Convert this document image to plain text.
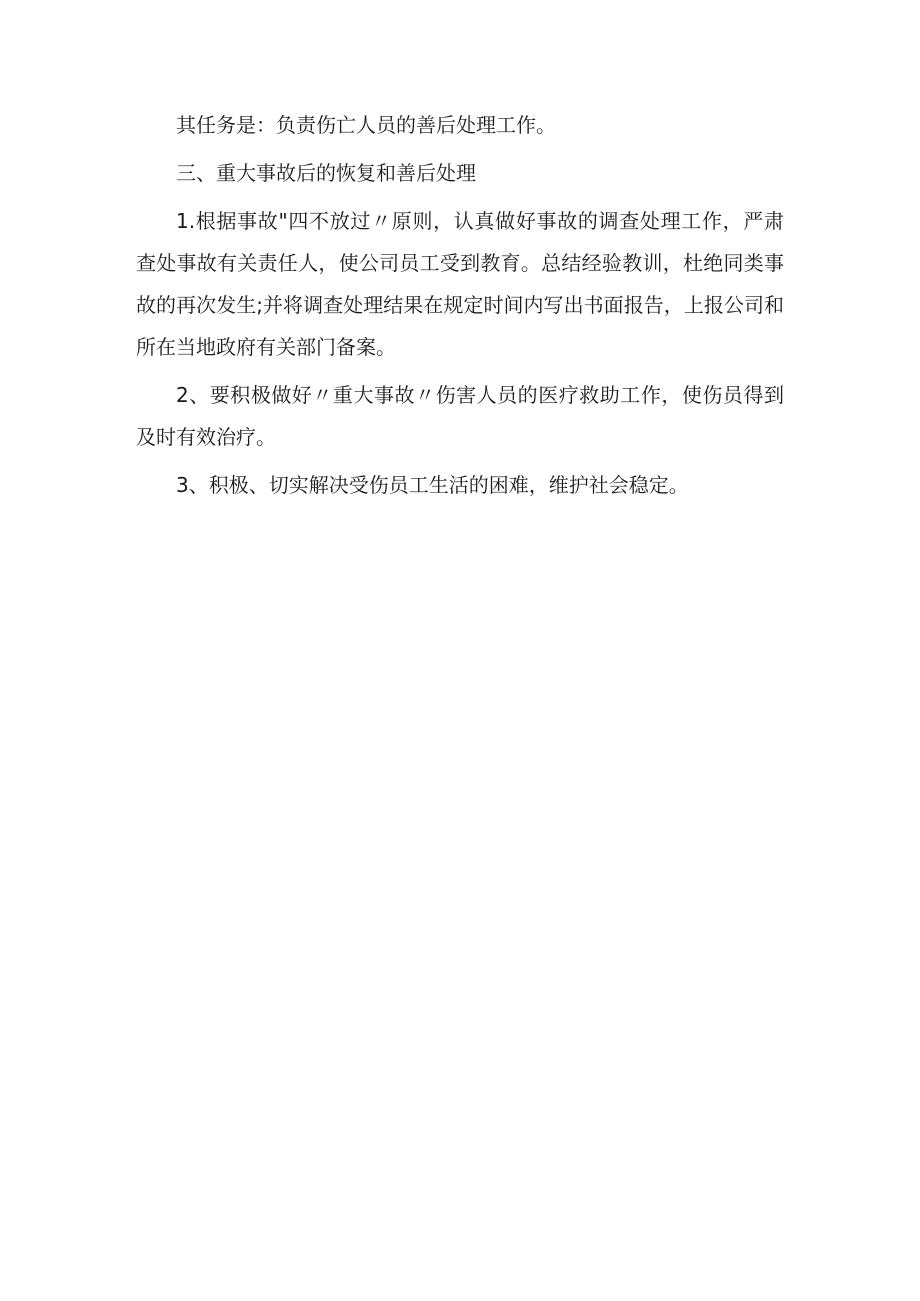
其任务是：负责伤亡人员的善后处理工作。

三、重大事故后的恢复和善后处理

1.根据事故"四不放过〃原则，认真做好事故的调查处理工作，严肃查处事故有关责任人，使公司员工受到教育。总结经验教训，杜绝同类事故的再次发生;并将调查处理结果在规定时间内写出书面报告，上报公司和所在当地政府有关部门备案。

2、要积极做好〃重大事故〃伤害人员的医疗救助工作，使伤员得到及时有效治疗。

3、积极、切实解决受伤员工生活的困难，维护社会稳定。
